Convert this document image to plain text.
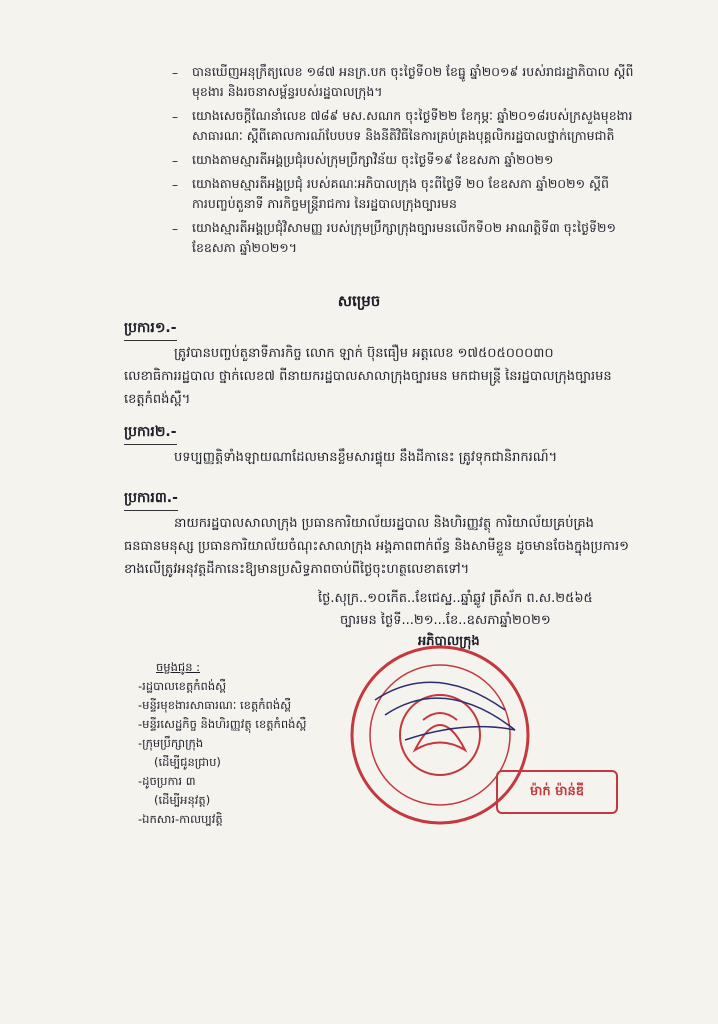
– បានឃើញអនុក្រឹត្យលេខ ១៨៧ អនក្រ.បក ចុះថ្ងៃទី០២ ខែធ្នូ ឆ្នាំ២០១៩ របស់រាជរដ្ឋាភិបាល ស្តីពី
មុខងារ និងរចនាសម្ព័ន្ធរបស់រដ្ឋបាលក្រុង។
– យោងសេចក្តីណែនាំលេខ ៧៨៩ មស.សណក ចុះថ្ងៃទី២២ ខែកុម្ភៈ ឆ្នាំ២០១៨របស់ក្រសួងមុខងារ
សាធារណៈ ស្តីពីគោលការណ៍បែបបទ និងនីតិវិធីនៃការគ្រប់គ្រងបុគ្គលិករដ្ឋបាលថ្នាក់ក្រោមជាតិ
– យោងតាមស្មារតីអង្គប្រជុំរបស់ក្រុមប្រឹក្សាវិន័យ ចុះថ្ងៃទី១៩ ខែឧសភា ឆ្នាំ២០២១
– យោងតាមស្មារតីអង្គប្រជុំ របស់គណៈអភិបាលក្រុង ចុះពីថ្ងៃទី ២០ ខែឧសភា ឆ្នាំ២០២១ ស្តីពី
ការបញ្ចប់តួនាទី ភារកិច្ចមន្ត្រីរាជការ នៃរដ្ឋបាលក្រុងច្បារមន
– យោងស្មារតីអង្គប្រជុំវិសាមញ្ញ របស់ក្រុមប្រឹក្សាក្រុងច្បារមនលើកទី០២ អាណត្តិទី៣ ចុះថ្ងៃទី២១
ខែឧសភា ឆ្នាំ២០២១។
សម្រេច
ប្រការ១.-
ត្រូវបានបញ្ចប់តួនាទីភារកិច្ច លោក ឡាក់ ប៊ុនធឿម អត្តលេខ ១៧៥០៥០០០៣០
លេខាធិការរដ្ឋបាល ថ្នាក់លេខ៧ ពីនាយករដ្ឋបាលសាលាក្រុងច្បារមន មកជាមន្ត្រី នៃរដ្ឋបាលក្រុងច្បារមន
ខេត្តកំពង់ស្ពឺ។
ប្រការ២.-
បទប្បញ្ញត្តិទាំងឡាយណាដែលមានខ្លឹមសារផ្ទុយ នឹងដីកានេះ ត្រូវទុកជានិរាករណ៍។
ប្រការ៣.-
នាយករដ្ឋបាលសាលាក្រុង ប្រធានការិយាល័យរដ្ឋបាល និងហិរញ្ញវត្ថុ ការិយាល័យគ្រប់គ្រង
ធនធានមនុស្ស ប្រធានការិយាល័យចំណុះសាលាក្រុង អង្គភាពពាក់ព័ន្ធ និងសាមីខ្លួន ដូចមានចែងក្នុងប្រការ១
ខាងលើត្រូវអនុវត្តដីកានេះឱ្យមានប្រសិទ្ធភាពចាប់ពីថ្ងៃចុះហត្ថលេខាតទៅ។
ថ្ងៃ.សុក្រ..១០កើត..ខែជេស្ឋ..ឆ្នាំឆ្លូវ ត្រីស័ក ព.ស.២៥៦៥
ច្បារមន ថ្ងៃទី...២១...ខែ..ឧសភាឆ្នាំ២០២១
អភិបាលក្រុង
ម៉ាក់ ម៉ាន់ឌី
ចម្លងជូន :
-រដ្ឋបាលខេត្តកំពង់ស្ពឺ
-មន្ទីរមុខងារសាធារណៈ ខេត្តកំពង់ស្ពឺ
-មន្ទីរសេដ្ឋកិច្ច និងហិរញ្ញវត្ថុ ខេត្តកំពង់ស្ពឺ
-ក្រុមប្រឹក្សាក្រុង
(ដើម្បីជូនជ្រាប)
-ដូចប្រការ ៣
(ដើម្បីអនុវត្ត)
-ឯកសារ-កាលប្បវត្តិ
